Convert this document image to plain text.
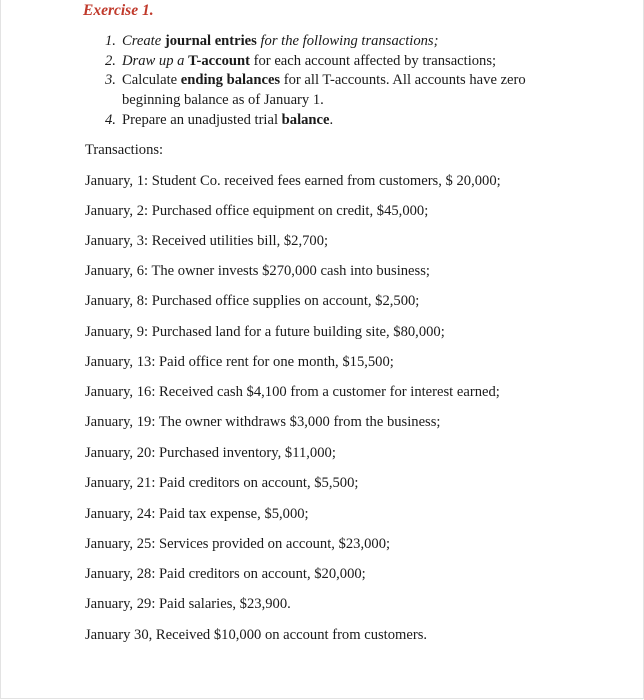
Exercise 1.
1. Create journal entries for the following transactions;
2. Draw up a T-account for each account affected by transactions;
3. Calculate ending balances for all T-accounts. All accounts have zero beginning balance as of January 1.
4. Prepare an unadjusted trial balance.
Transactions:
January, 1: Student Co. received fees earned from customers, $ 20,000;
January, 2: Purchased office equipment on credit, $45,000;
January, 3: Received utilities bill, $2,700;
January, 6: The owner invests $270,000 cash into business;
January, 8: Purchased office supplies on account, $2,500;
January, 9: Purchased land for a future building site, $80,000;
January, 13: Paid office rent for one month, $15,500;
January, 16: Received cash $4,100 from a customer for interest earned;
January, 19: The owner withdraws $3,000 from the business;
January, 20: Purchased inventory, $11,000;
January, 21: Paid creditors on account, $5,500;
January, 24: Paid tax expense, $5,000;
January, 25: Services provided on account, $23,000;
January, 28: Paid creditors on account, $20,000;
January, 29: Paid salaries, $23,900.
January 30, Received $10,000 on account from customers.
